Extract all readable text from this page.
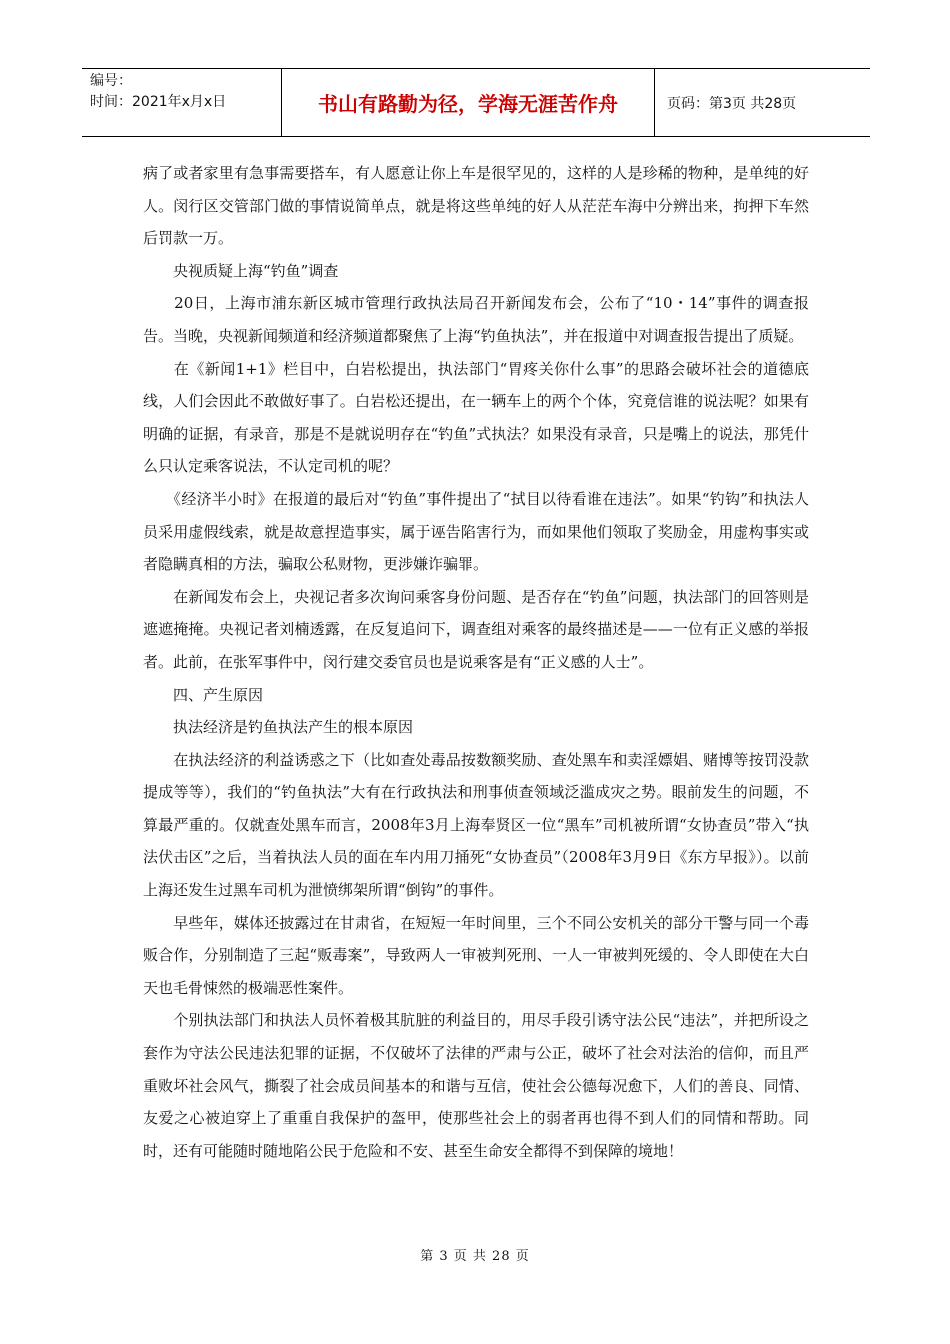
编号：
时间：2021年x月x日	书山有路勤为径，学海无涯苦作舟	页码：第3页 共28页

病了或者家里有急事需要搭车，有人愿意让你上车是很罕见的，这样的人是珍稀的物种，是单纯的好人。闵行区交管部门做的事情说简单点，就是将这些单纯的好人从茫茫车海中分辨出来，拘押下车然后罚款一万。

　　央视质疑上海“钓鱼”调查

　　20日，上海市浦东新区城市管理行政执法局召开新闻发布会，公布了“10・14”事件的调查报告。当晚，央视新闻频道和经济频道都聚焦了上海“钓鱼执法”，并在报道中对调查报告提出了质疑。

　　在《新闻1+1》栏目中，白岩松提出，执法部门“胃疼关你什么事”的思路会破坏社会的道德底线，人们会因此不敢做好事了。白岩松还提出，在一辆车上的两个个体，究竟信谁的说法呢？如果有明确的证据，有录音，那是不是就说明存在“钓鱼”式执法？如果没有录音，只是嘴上的说法，那凭什么只认定乘客说法，不认定司机的呢？

　　《经济半小时》在报道的最后对“钓鱼”事件提出了“拭目以待看谁在违法”。如果“钓钩”和执法人员采用虚假线索，就是故意捏造事实，属于诬告陷害行为，而如果他们领取了奖励金，用虚构事实或者隐瞒真相的方法，骗取公私财物，更涉嫌诈骗罪。

　　在新闻发布会上，央视记者多次询问乘客身份问题、是否存在“钓鱼”问题，执法部门的回答则是遮遮掩掩。央视记者刘楠透露，在反复追问下，调查组对乘客的最终描述是——一位有正义感的举报者。此前，在张军事件中，闵行建交委官员也是说乘客是有“正义感的人士”。

　　四、产生原因

　　执法经济是钓鱼执法产生的根本原因

　　在执法经济的利益诱惑之下（比如查处毒品按数额奖励、查处黑车和卖淫嫖娼、赌博等按罚没款提成等等），我们的“钓鱼执法”大有在行政执法和刑事侦查领域泛滥成灾之势。眼前发生的问题，不算最严重的。仅就查处黑车而言，2008年3月上海奉贤区一位“黑车”司机被所谓“女协查员”带入“执法伏击区”之后，当着执法人员的面在车内用刀捅死“女协查员”（2008年3月9日《东方早报》）。以前上海还发生过黑车司机为泄愤绑架所谓“倒钩”的事件。

　　早些年，媒体还披露过在甘肃省，在短短一年时间里，三个不同公安机关的部分干警与同一个毒贩合作，分别制造了三起“贩毒案”，导致两人一审被判死刑、一人一审被判死缓的、令人即使在大白天也毛骨悚然的极端恶性案件。

　　个别执法部门和执法人员怀着极其肮脏的利益目的，用尽手段引诱守法公民“违法”，并把所设之套作为守法公民违法犯罪的证据，不仅破坏了法律的严肃与公正，破坏了社会对法治的信仰，而且严重败坏社会风气，撕裂了社会成员间基本的和谐与互信，使社会公德每况愈下，人们的善良、同情、友爱之心被迫穿上了重重自我保护的盔甲，使那些社会上的弱者再也得不到人们的同情和帮助。同时，还有可能随时随地陷公民于危险和不安、甚至生命安全都得不到保障的境地！

第 3 页 共 28 页
